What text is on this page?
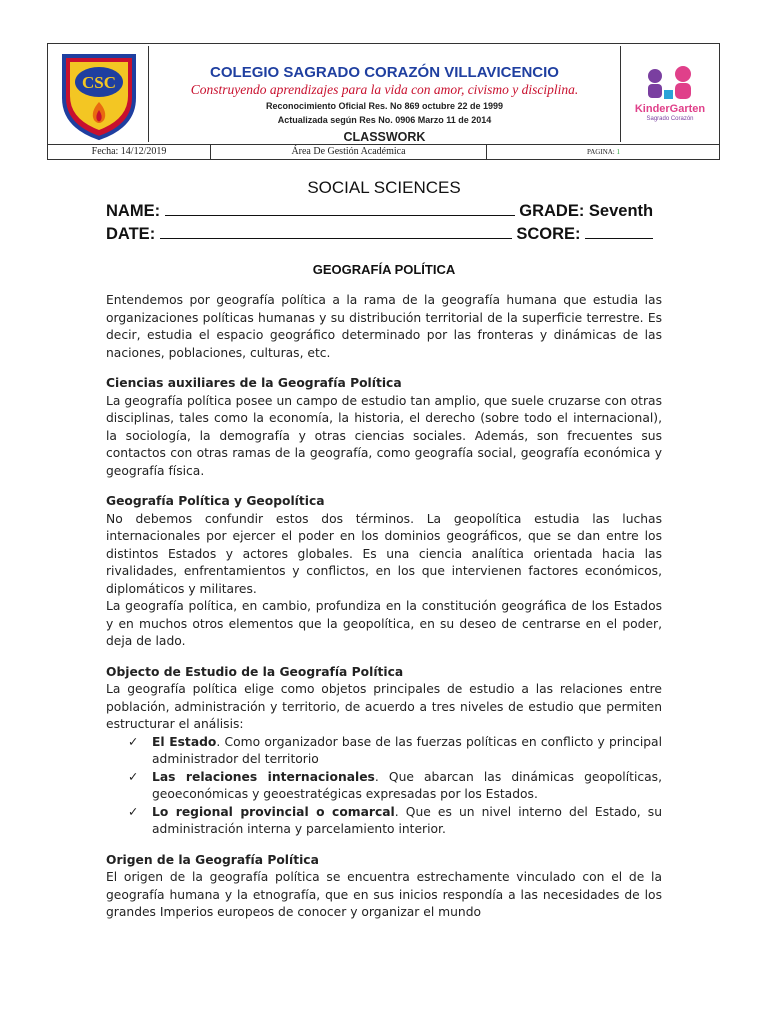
CSC
COLEGIO SAGRADO CORAZÓN VILLAVICENCIO
Construyendo aprendizajes para la vida con amor, civismo y disciplina.
Reconocimiento Oficial Res. No 869 octubre 22 de 1999
Actualizada según Res No. 0906 Marzo 11 de 2014
CLASSWORK
KinderGarten
Sagrado Corazón
Fecha: 14/12/2019	Área De Gestión Académica	PAGINA: 1
SOCIAL SCIENCES
NAME:	GRADE: Seventh
DATE:	SCORE:
GEOGRAFÍA POLÍTICA

Entendemos por geografía política a la rama de la geografía humana que estudia las organizaciones políticas humanas y su distribución territorial de la superficie terrestre. Es decir, estudia el espacio geográfico determinado por las fronteras y dinámicas de las naciones, poblaciones, culturas, etc.

Ciencias auxiliares de la Geografía Política

La geografía política posee un campo de estudio tan amplio, que suele cruzarse con otras disciplinas, tales como la economía, la historia, el derecho (sobre todo el internacional), la sociología, la demografía y otras ciencias sociales. Además, son frecuentes sus contactos con otras ramas de la geografía, como geografía social, geografía económica y geografía física.

Geografía Política y Geopolítica

No debemos confundir estos dos términos. La geopolítica estudia las luchas internacionales por ejercer el poder en los dominios geográficos, que se dan entre los distintos Estados y actores globales. Es una ciencia analítica orientada hacia las rivalidades, enfrentamientos y conflictos, en los que intervienen factores económicos, diplomáticos y militares.

La geografía política, en cambio, profundiza en la constitución geográfica de los Estados y en muchos otros elementos que la geopolítica, en su deseo de centrarse en el poder, deja de lado.

Objecto de Estudio de la Geografía Política

La geografía política elige como objetos principales de estudio a las relaciones entre población, administración y territorio, de acuerdo a tres niveles de estudio que permiten estructurar el análisis:

✓ El Estado. Como organizador base de las fuerzas políticas en conflicto y principal administrador del territorio
✓ Las relaciones internacionales. Que abarcan las dinámicas geopolíticas, geoeconómicas y geoestratégicas expresadas por los Estados.
✓ Lo regional provincial o comarcal. Que es un nivel interno del Estado, su administración interna y parcelamiento interior.
Origen de la Geografía Política

El origen de la geografía política se encuentra estrechamente vinculado con el de la geografía humana y la etnografía, que en sus inicios respondía a las necesidades de los grandes Imperios europeos de conocer y organizar el mundo
